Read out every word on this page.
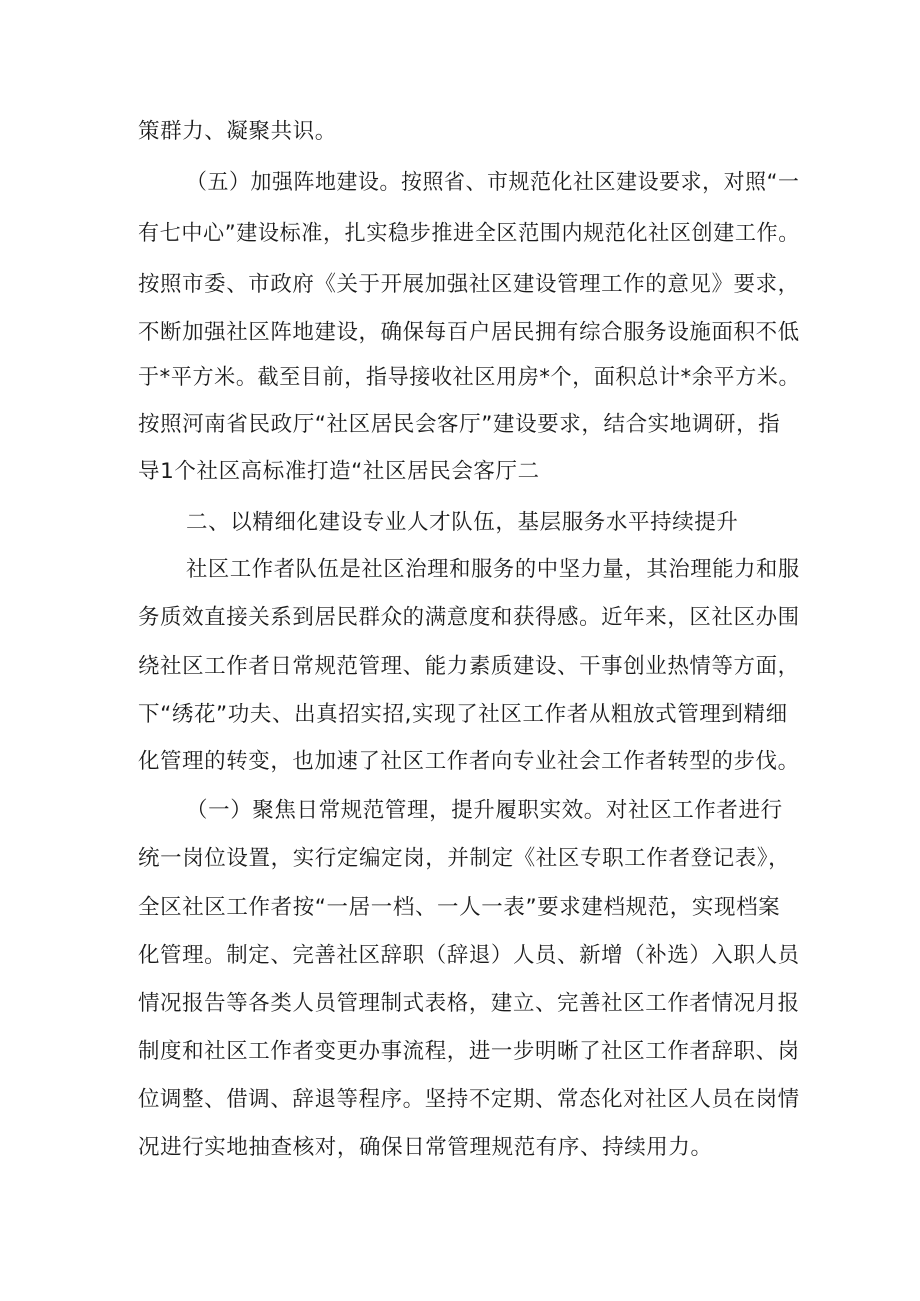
策群力、凝聚共识。
（五）加强阵地建设。按照省、市规范化社区建设要求，对照“一
有七中心”建设标准，扎实稳步推进全区范围内规范化社区创建工作。
按照市委、市政府《关于开展加强社区建设管理工作的意见》要求，
不断加强社区阵地建设，确保每百户居民拥有综合服务设施面积不低
于*平方米。截至目前，指导接收社区用房*个，面积总计*余平方米。
按照河南省民政厅“社区居民会客厅”建设要求，结合实地调研，指
导1个社区高标准打造“社区居民会客厅二
二、以精细化建设专业人才队伍，基层服务水平持续提升
社区工作者队伍是社区治理和服务的中坚力量，其治理能力和服
务质效直接关系到居民群众的满意度和获得感。近年来，区社区办围
绕社区工作者日常规范管理、能力素质建设、干事创业热情等方面，
下“绣花”功夫、出真招实招,实现了社区工作者从粗放式管理到精细
化管理的转变，也加速了社区工作者向专业社会工作者转型的步伐。
（一）聚焦日常规范管理，提升履职实效。对社区工作者进行
统一岗位设置，实行定编定岗，并制定《社区专职工作者登记表》，
全区社区工作者按“一居一档、一人一表”要求建档规范，实现档案
化管理。制定、完善社区辞职（辞退）人员、新增（补选）入职人员
情况报告等各类人员管理制式表格，建立、完善社区工作者情况月报
制度和社区工作者变更办事流程，进一步明晰了社区工作者辞职、岗
位调整、借调、辞退等程序。坚持不定期、常态化对社区人员在岗情
况进行实地抽查核对，确保日常管理规范有序、持续用力。
